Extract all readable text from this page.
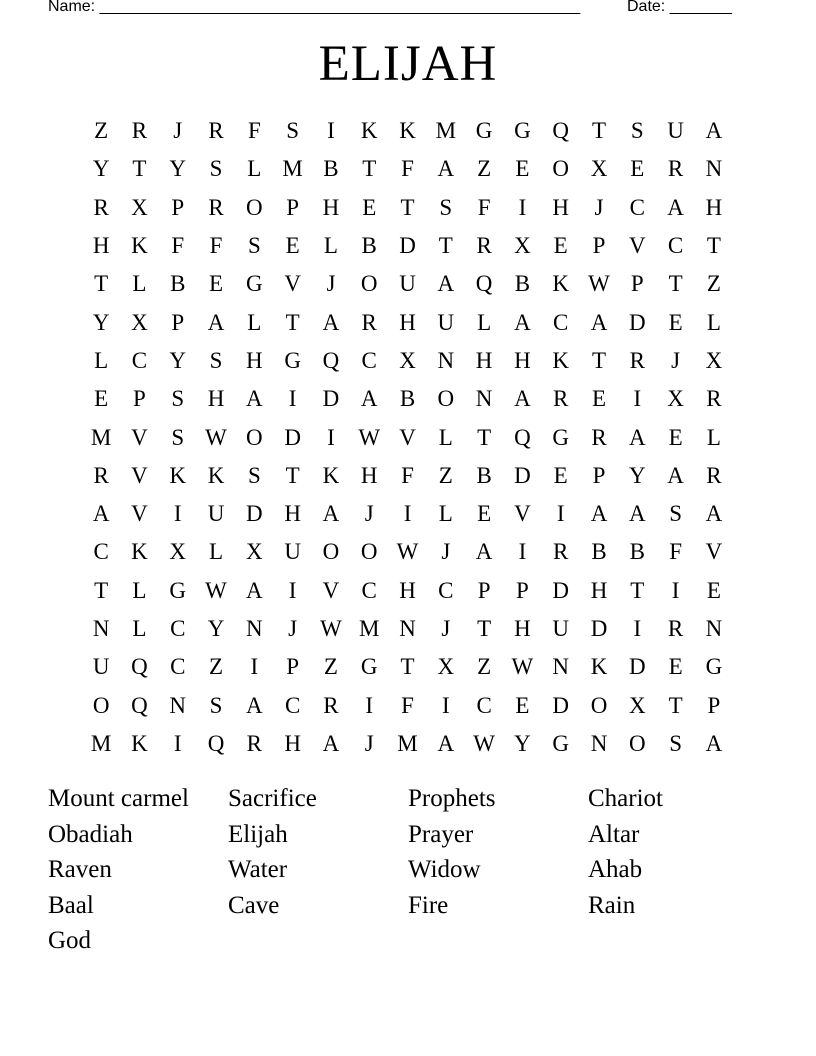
Name: ______________________________________________________	Date: _______
ELIJAH
Z	R	J	R	F	S	I	K K M G G Q T	S	U A
Y T Y	S	L M B	T	F	A Z	E O X E	R N
R X	P	R O	P	H E	T	S	F	I	H	J	C A H
H K	F	F	S	E	L	B D T	R X E	P	V C	T
T	L	B	E G V	J	O U A Q B K W P	T	Z
Y X	P	A L	T A R H U L A C A D E	L
L	C Y	S	H G Q C X N H H K T	R	J	X
E	P	S	H A	I	D A B O N A R	E	I	X R
M V	S W O D	I	W V L	T Q G R A E	L
R V K K	S	T K H	F	Z	B D E	P	Y A R
A V	I	U D H A	J	I	L	E V	I	A A	S	A
C K X L X U O O W J	A	I	R B B	F	V
T	L G W A	I	V C H C	P	P	D H T	I	E
N L	C Y N	J W M N	J	T H U D	I	R N
U Q C	Z	I	P	Z G T X Z W N K D E G
O Q N	S	A C R	I	F	I	C	E D O X T	P
M K	I	Q R H A	J	M A W Y G N O	S	A
Mount carmel	Sacrifice	Prophets	Chariot
Obadiah	Elijah	Prayer	Altar
Raven	Water	Widow	Ahab
Baal	Cave	Fire	Rain
God
